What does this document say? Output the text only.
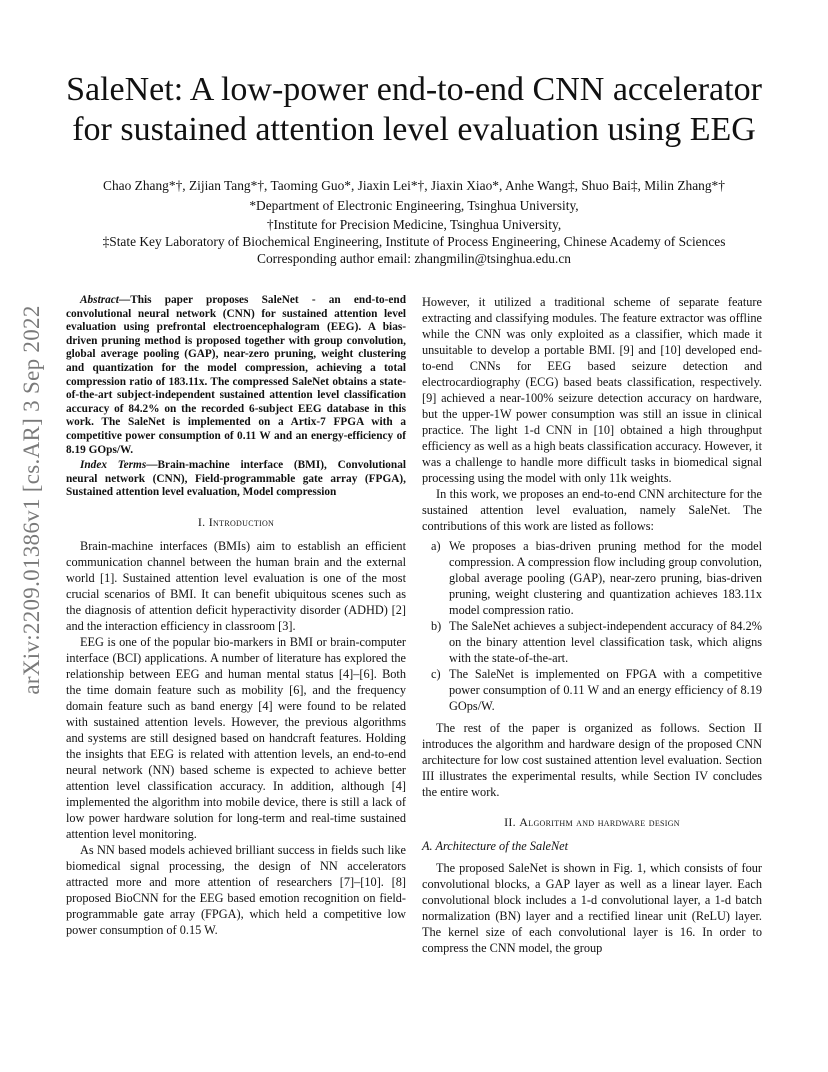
arXiv:2209.01386v1 [cs.AR] 3 Sep 2022
SaleNet: A low-power end-to-end CNN accelerator
for sustained attention level evaluation using EEG
Chao Zhang*†, Zijian Tang*†, Taoming Guo*, Jiaxin Lei*†, Jiaxin Xiao*, Anhe Wang‡, Shuo Bai‡, Milin Zhang*†
*Department of Electronic Engineering, Tsinghua University,
†Institute for Precision Medicine, Tsinghua University,
‡State Key Laboratory of Biochemical Engineering, Institute of Process Engineering, Chinese Academy of Sciences
Corresponding author email: zhangmilin@tsinghua.edu.cn

Abstract—This paper proposes SaleNet - an end-to-end convolutional neural network (CNN) for sustained attention level evaluation using prefrontal electroencephalogram (EEG). A bias-driven pruning method is proposed together with group convolution, global average pooling (GAP), near-zero pruning, weight clustering and quantization for the model compression, achieving a total compression ratio of 183.11x. The compressed SaleNet obtains a state-of-the-art subject-independent sustained attention level classification accuracy of 84.2% on the recorded 6-subject EEG database in this work. The SaleNet is implemented on a Artix-7 FPGA with a competitive power consumption of 0.11 W and an energy-efficiency of 8.19 GOps/W.

Index Terms—Brain-machine interface (BMI), Convolutional neural network (CNN), Field-programmable gate array (FPGA), Sustained attention level evaluation, Model compression

I. Introduction

Brain-machine interfaces (BMIs) aim to establish an efficient communication channel between the human brain and the external world [1]. Sustained attention level evaluation is one of the most crucial scenarios of BMI. It can benefit ubiquitous scenes such as the diagnosis of attention deficit hyperactivity disorder (ADHD) [2] and the interaction efficiency in classroom [3].

EEG is one of the popular bio-markers in BMI or brain-computer interface (BCI) applications. A number of literature has explored the relationship between EEG and human mental status [4]–[6]. Both the time domain feature such as mobility [6], and the frequency domain feature such as band energy [4] were found to be related with sustained attention levels. However, the previous algorithms and systems are still designed based on handcraft features. Holding the insights that EEG is related with attention levels, an end-to-end neural network (NN) based scheme is expected to achieve better attention level classification accuracy. In addition, although [4] implemented the algorithm into mobile device, there is still a lack of low power hardware solution for long-term and real-time sustained attention level monitoring.

As NN based models achieved brilliant success in fields such like biomedical signal processing, the design of NN accelerators attracted more and more attention of researchers [7]–[10]. [8] proposed BioCNN for the EEG based emotion recognition on field-programmable gate array (FPGA), which held a competitive low power consumption of 0.15 W.

However, it utilized a traditional scheme of separate feature extracting and classifying modules. The feature extractor was offline while the CNN was only exploited as a classifier, which made it unsuitable to develop a portable BMI. [9] and [10] developed end-to-end CNNs for EEG based seizure detection and electrocardiography (ECG) based beats classification, respectively. [9] achieved a near-100% seizure detection accuracy on hardware, but the upper-1W power consumption was still an issue in clinical practice. The light 1-d CNN in [10] obtained a high throughput efficiency as well as a high beats classification accuracy. However, it was a challenge to handle more difficult tasks in biomedical signal processing using the model with only 11k weights.

In this work, we proposes an end-to-end CNN architecture for the sustained attention level evaluation, namely SaleNet. The contributions of this work are listed as follows:

a) We proposes a bias-driven pruning method for the model compression. A compression flow including group convolution, global average pooling (GAP), near-zero pruning, bias-driven pruning, weight clustering and quantization achieves 183.11x model compression ratio.
b) The SaleNet achieves a subject-independent accuracy of 84.2% on the binary attention level classification task, which aligns with the state-of-the-art.
c) The SaleNet is implemented on FPGA with a competitive power consumption of 0.11 W and an energy efficiency of 8.19 GOps/W.

The rest of the paper is organized as follows. Section II introduces the algorithm and hardware design of the proposed CNN architecture for low cost sustained attention level evaluation. Section III illustrates the experimental results, while Section IV concludes the entire work.

II. Algorithm and hardware design
A. Architecture of the SaleNet

The proposed SaleNet is shown in Fig. 1, which consists of four convolutional blocks, a GAP layer as well as a linear layer. Each convolutional block includes a 1-d convolutional layer, a 1-d batch normalization (BN) layer and a rectified linear unit (ReLU) layer. The kernel size of each convolutional layer is 16. In order to compress the CNN model, the group
